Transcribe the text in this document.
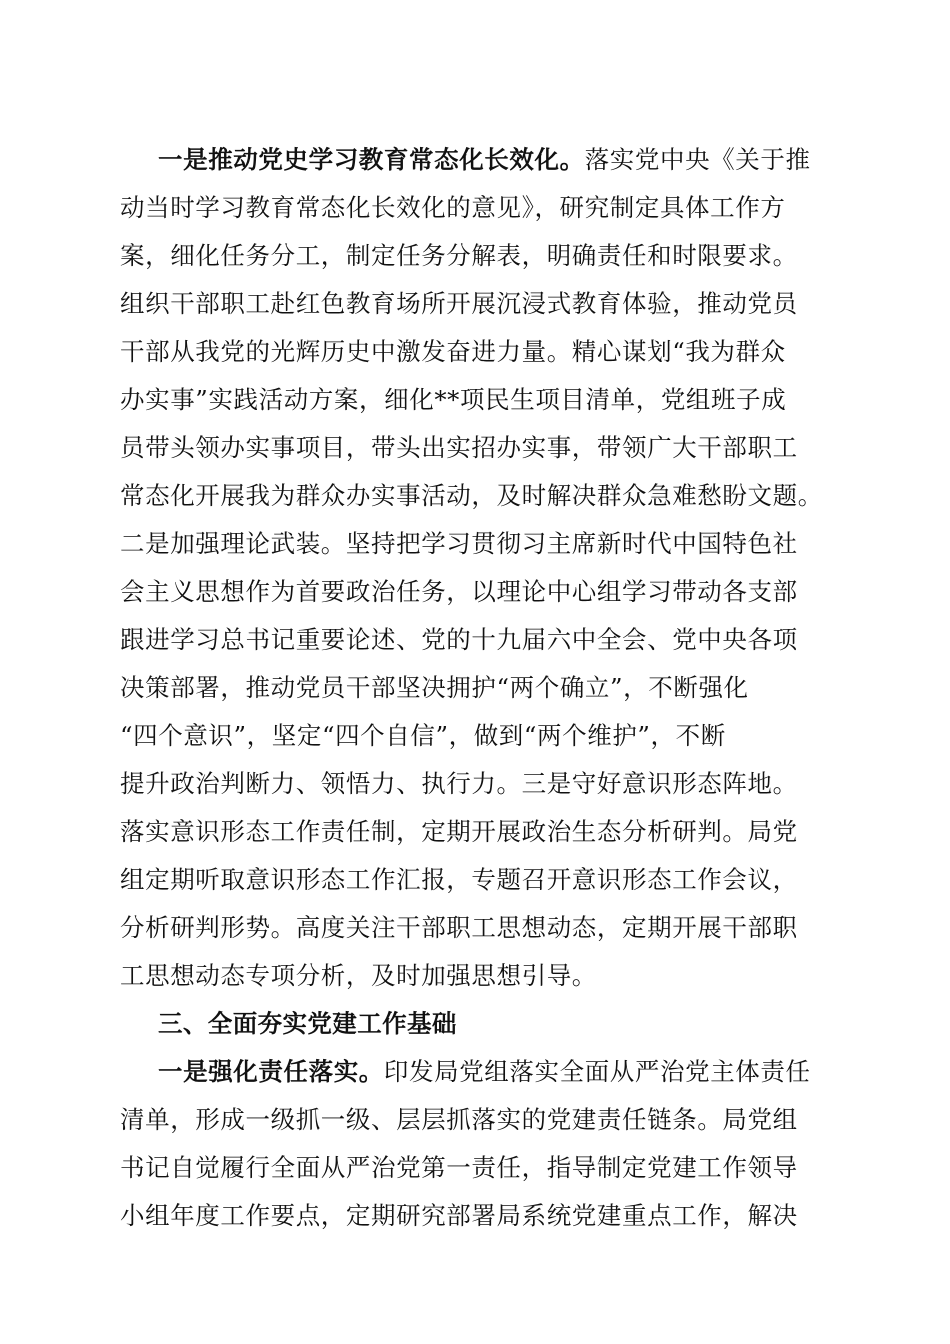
一是推动党史学习教育常态化长效化。落实党中央《关于推
动当时学习教育常态化长效化的意见》，研究制定具体工作方
案，细化任务分工，制定任务分解表，明确责任和时限要求。
组织干部职工赴红色教育场所开展沉浸式教育体验，推动党员
干部从我党的光辉历史中激发奋进力量。精心谋划“我为群众
办实事”实践活动方案，细化**项民生项目清单，党组班子成
员带头领办实事项目，带头出实招办实事，带领广大干部职工
常态化开展我为群众办实事活动，及时解决群众急难愁盼文题。
二是加强理论武装。坚持把学习贯彻习主席新时代中国特色社
会主义思想作为首要政治任务，以理论中心组学习带动各支部
跟进学习总书记重要论述、党的十九届六中全会、党中央各项
决策部署，推动党员干部坚决拥护“两个确立”，不断强化
“四个意识”，坚定“四个自信”，做到“两个维护”，不断
提升政治判断力、领悟力、执行力。三是守好意识形态阵地。
落实意识形态工作责任制，定期开展政治生态分析研判。局党
组定期听取意识形态工作汇报，专题召开意识形态工作会议，
分析研判形势。高度关注干部职工思想动态，定期开展干部职
工思想动态专项分析，及时加强思想引导。
三、全面夯实党建工作基础
一是强化责任落实。印发局党组落实全面从严治党主体责任
清单，形成一级抓一级、层层抓落实的党建责任链条。局党组
书记自觉履行全面从严治党第一责任，指导制定党建工作领导
小组年度工作要点，定期研究部署局系统党建重点工作，解决
